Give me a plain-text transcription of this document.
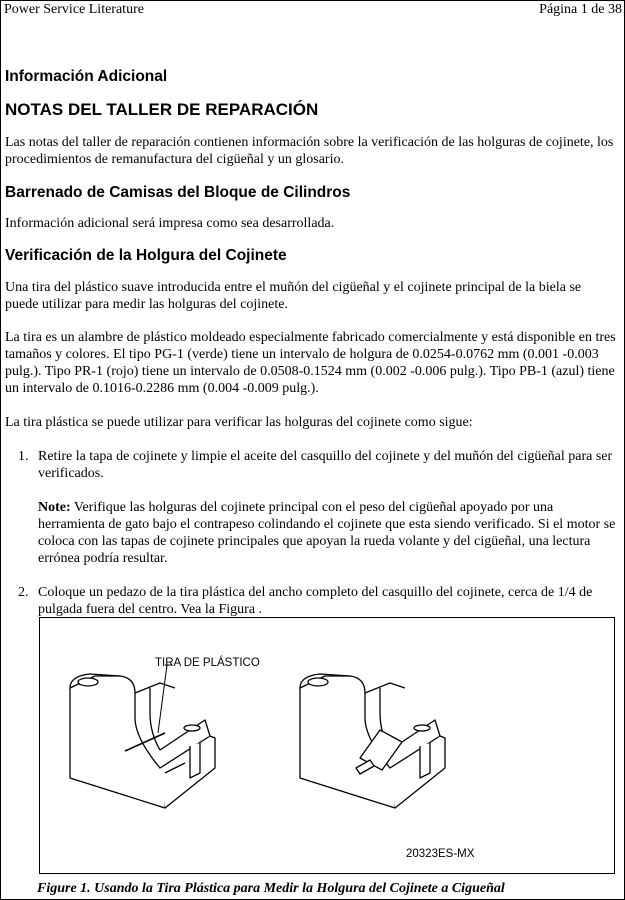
Power Service Literature	Página 1 de 38
Información Adicional
NOTAS DEL TALLER DE REPARACIÓN

Las notas del taller de reparación contienen información sobre la verificación de las holguras de cojinete, los procedimientos de remanufactura del cigüeñal y un glosario.

Barrenado de Camisas del Bloque de Cilindros

Información adicional será impresa como sea desarrollada.

Verificación de la Holgura del Cojinete

Una tira del plástico suave introducida entre el muñón del cigüeñal y el cojinete principal de la biela se puede utilizar para medir las holguras del cojinete.

La tira es un alambre de plástico moldeado especialmente fabricado comercialmente y está disponible en tres tamaños y colores. El tipo PG-1 (verde) tiene un intervalo de holgura de 0.0254-0.0762 mm (0.001 -0.003 pulg.). Tipo PR-1 (rojo) tiene un intervalo de 0.0508-0.1524 mm (0.002 -0.006 pulg.). Tipo PB-1 (azul) tiene un intervalo de 0.1016-0.2286 mm (0.004 -0.009 pulg.).

La tira plástica se puede utilizar para verificar las holguras del cojinete como sigue:

1. Retire la tapa de cojinete y limpie el aceite del casquillo del cojinete y del muñón del cigüeñal para ser verificados.

Note: Verifique las holguras del cojinete principal con el peso del cigüeñal apoyado por una herramienta de gato bajo el contrapeso colindando el cojinete que esta siendo verificado. Si el motor se coloca con las tapas de cojinete principales que apoyan la rueda volante y del cigüeñal, una lectura errónea podría resultar.

2. Coloque un pedazo de la tira plástica del ancho completo del casquillo del cojinete, cerca de 1/4 de pulgada fuera del centro. Vea la Figura .
TIRA DE PLÁSTICO
20323ES-MX
Figure 1. Usando la Tira Plástica para Medir la Holgura del Cojinete a Cigueñal
